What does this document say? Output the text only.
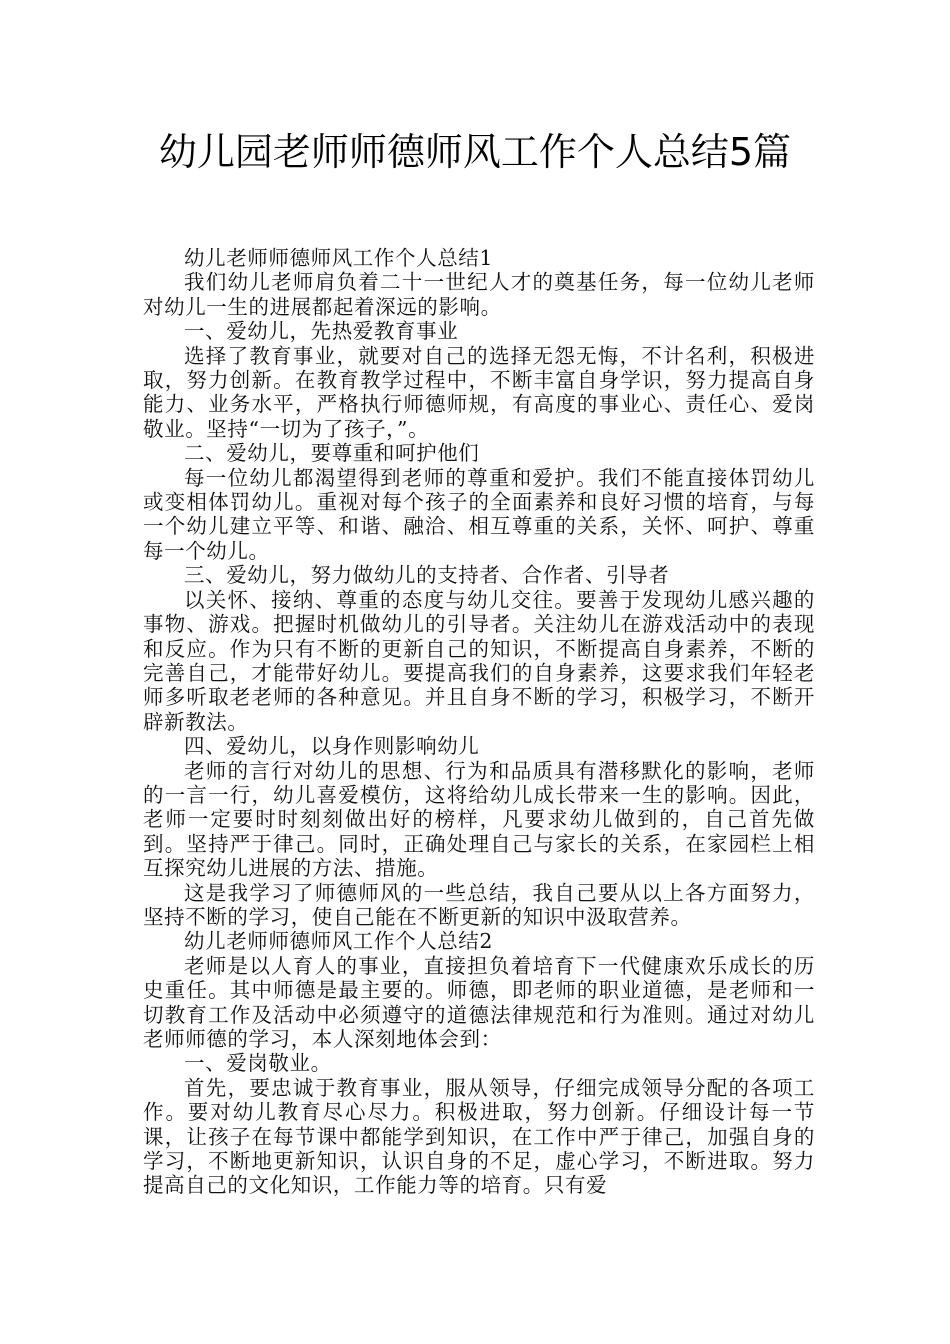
幼儿园老师师德师风工作个人总结5篇

幼儿老师师德师风工作个人总结1

我们幼儿老师肩负着二十一世纪人才的奠基任务，每一位幼儿老师对幼儿一生的进展都起着深远的影响。

一、爱幼儿，先热爱教育事业

选择了教育事业，就要对自己的选择无怨无悔，不计名利，积极进取，努力创新。在教育教学过程中，不断丰富自身学识，努力提高自身能力、业务水平，严格执行师德师规，有高度的事业心、责任心、爱岗敬业。坚持“一切为了孩子，”。

二、爱幼儿，要尊重和呵护他们

每一位幼儿都渴望得到老师的尊重和爱护。我们不能直接体罚幼儿或变相体罚幼儿。重视对每个孩子的全面素养和良好习惯的培育，与每一个幼儿建立平等、和谐、融洽、相互尊重的关系，关怀、呵护、尊重每一个幼儿。

三、爱幼儿，努力做幼儿的支持者、合作者、引导者

以关怀、接纳、尊重的态度与幼儿交往。要善于发现幼儿感兴趣的事物、游戏。把握时机做幼儿的引导者。关注幼儿在游戏活动中的表现和反应。作为只有不断的更新自己的知识，不断提高自身素养，不断的完善自己，才能带好幼儿。要提高我们的自身素养，这要求我们年轻老师多听取老老师的各种意见。并且自身不断的学习，积极学习，不断开辟新教法。

四、爱幼儿，以身作则影响幼儿

老师的言行对幼儿的思想、行为和品质具有潜移默化的影响，老师的一言一行，幼儿喜爱模仿，这将给幼儿成长带来一生的影响。因此，老师一定要时时刻刻做出好的榜样，凡要求幼儿做到的，自己首先做到。坚持严于律己。同时，正确处理自己与家长的关系，在家园栏上相互探究幼儿进展的方法、措施。

这是我学习了师德师风的一些总结，我自己要从以上各方面努力，坚持不断的学习，使自己能在不断更新的知识中汲取营养。

幼儿老师师德师风工作个人总结2

老师是以人育人的事业，直接担负着培育下一代健康欢乐成长的历史重任。其中师德是最主要的。师德，即老师的职业道德，是老师和一切教育工作及活动中必须遵守的道德法律规范和行为准则。通过对幼儿老师师德的学习，本人深刻地体会到：

一、爱岗敬业。

首先，要忠诚于教育事业，服从领导，仔细完成领导分配的各项工作。要对幼儿教育尽心尽力。积极进取，努力创新。仔细设计每一节课，让孩子在每节课中都能学到知识，在工作中严于律己，加强自身的学习，不断地更新知识，认识自身的不足，虚心学习，不断进取。努力提高自己的文化知识，工作能力等的培育。只有爱
